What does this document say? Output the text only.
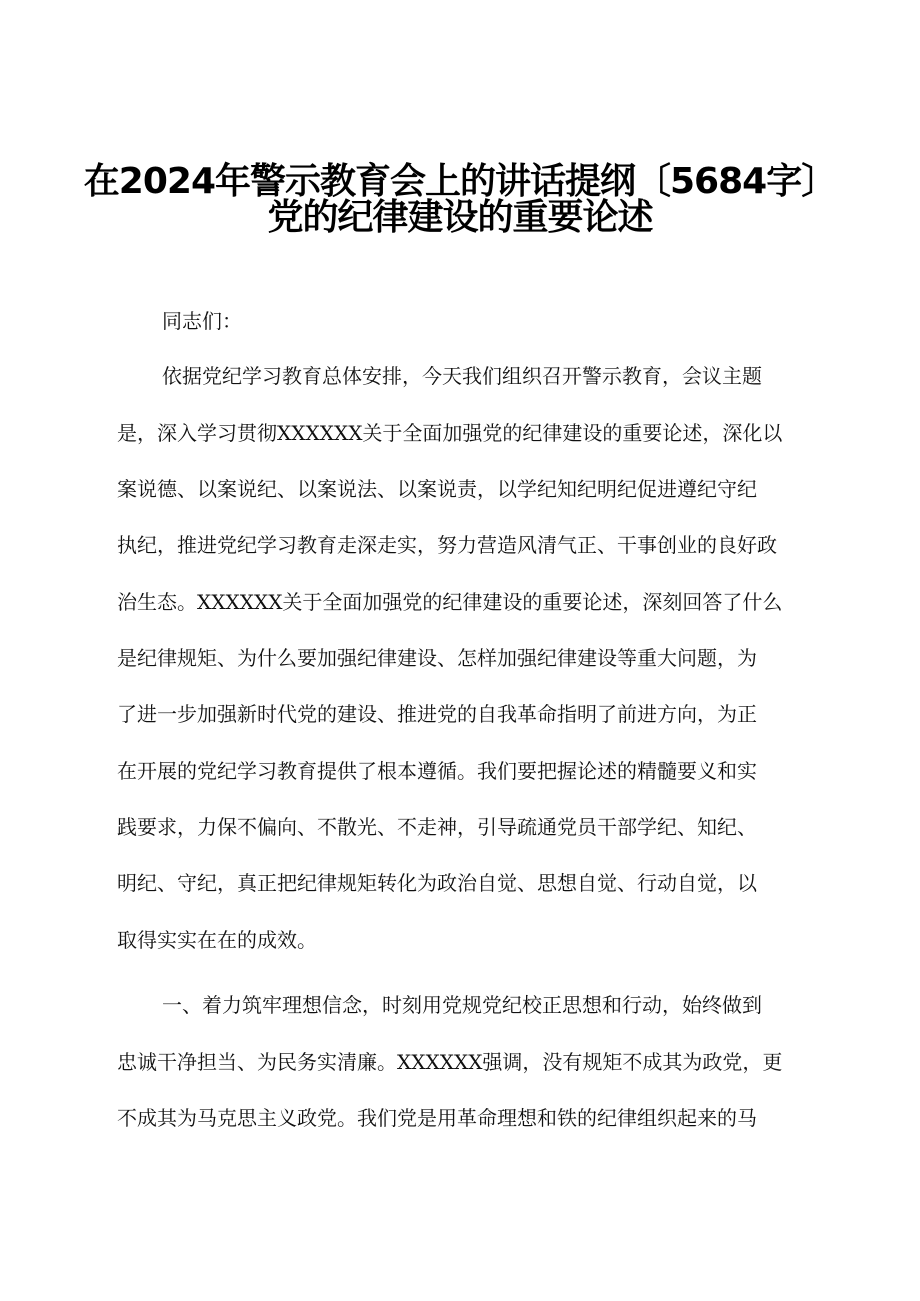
在2024年警示教育会上的讲话提纲〔5684字〕
党的纪律建设的重要论述
同志们：
依据党纪学习教育总体安排，今天我们组织召开警示教育，会议主题
是，深入学习贯彻XXXXXX关于全面加强党的纪律建设的重要论述，深化以
案说德、以案说纪、以案说法、以案说责，以学纪知纪明纪促进遵纪守纪
执纪，推进党纪学习教育走深走实，努力营造风清气正、干事创业的良好政
治生态。XXXXXX关于全面加强党的纪律建设的重要论述，深刻回答了什么
是纪律规矩、为什么要加强纪律建设、怎样加强纪律建设等重大问题，为
了进一步加强新时代党的建设、推进党的自我革命指明了前进方向，为正
在开展的党纪学习教育提供了根本遵循。我们要把握论述的精髓要义和实
践要求，力保不偏向、不散光、不走神，引导疏通党员干部学纪、知纪、
明纪、守纪，真正把纪律规矩转化为政治自觉、思想自觉、行动自觉，以
取得实实在在的成效。
一、着力筑牢理想信念，时刻用党规党纪校正思想和行动，始终做到
忠诚干净担当、为民务实清廉。XXXXXX强调，没有规矩不成其为政党，更
不成其为马克思主义政党。我们党是用革命理想和铁的纪律组织起来的马
